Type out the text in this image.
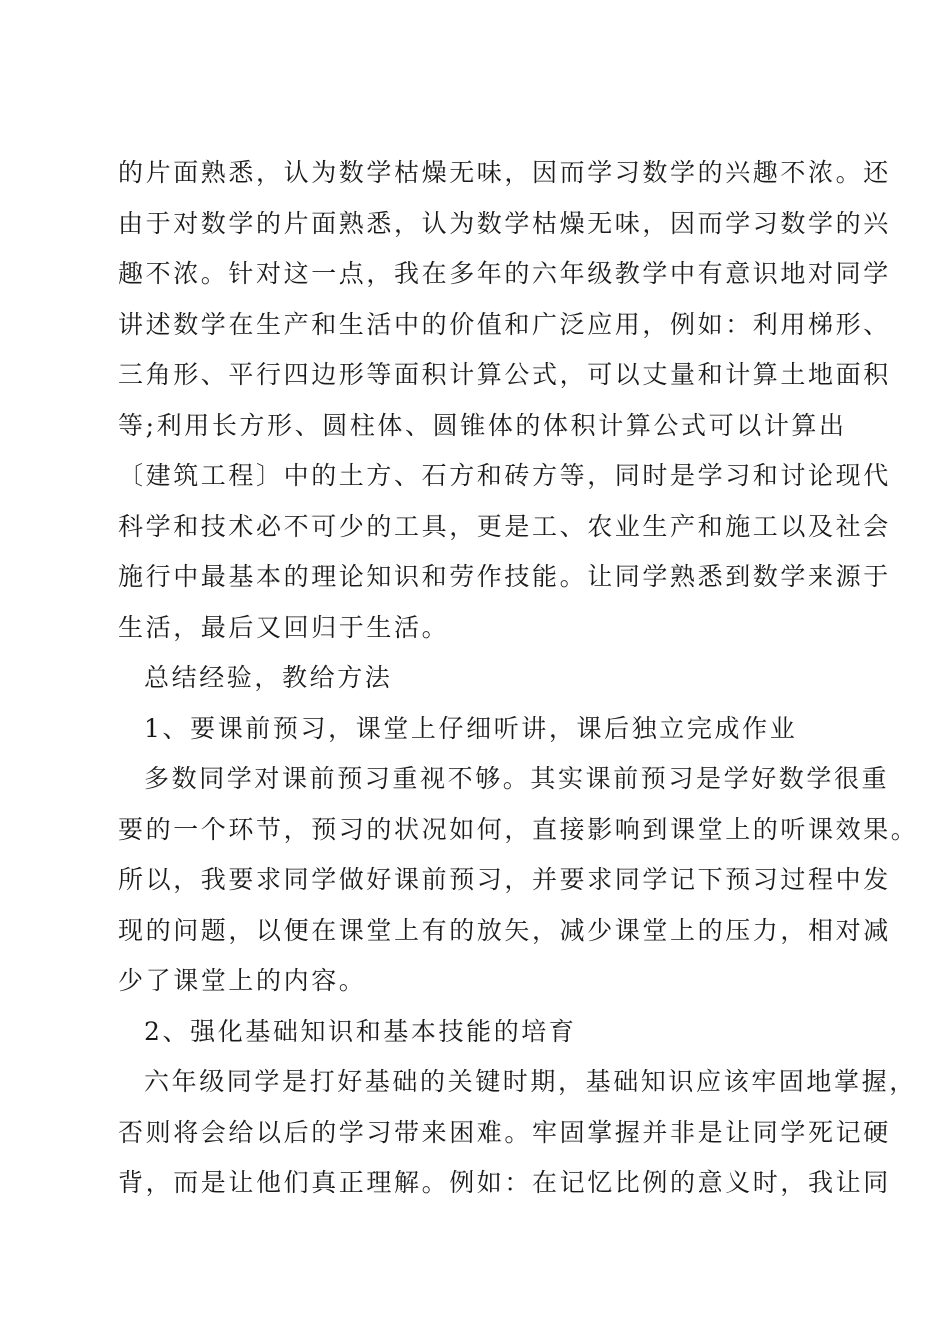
的片面熟悉，认为数学枯燥无味，因而学习数学的兴趣不浓。还
由于对数学的片面熟悉，认为数学枯燥无味，因而学习数学的兴
趣不浓。针对这一点，我在多年的六年级教学中有意识地对同学
讲述数学在生产和生活中的价值和广泛应用，例如：利用梯形、
三角形、平行四边形等面积计算公式，可以丈量和计算土地面积
等;利用长方形、圆柱体、圆锥体的体积计算公式可以计算出
〔建筑工程〕中的土方、石方和砖方等，同时是学习和讨论现代
科学和技术必不可少的工具，更是工、农业生产和施工以及社会
施行中最基本的理论知识和劳作技能。让同学熟悉到数学来源于
生活，最后又回归于生活。
总结经验，教给方法
1、要课前预习，课堂上仔细听讲，课后独立完成作业
多数同学对课前预习重视不够。其实课前预习是学好数学很重
要的一个环节，预习的状况如何，直接影响到课堂上的听课效果。
所以，我要求同学做好课前预习，并要求同学记下预习过程中发
现的问题，以便在课堂上有的放矢，减少课堂上的压力，相对减
少了课堂上的内容。
2、强化基础知识和基本技能的培育
六年级同学是打好基础的关键时期，基础知识应该牢固地掌握，
否则将会给以后的学习带来困难。牢固掌握并非是让同学死记硬
背，而是让他们真正理解。例如：在记忆比例的意义时，我让同
